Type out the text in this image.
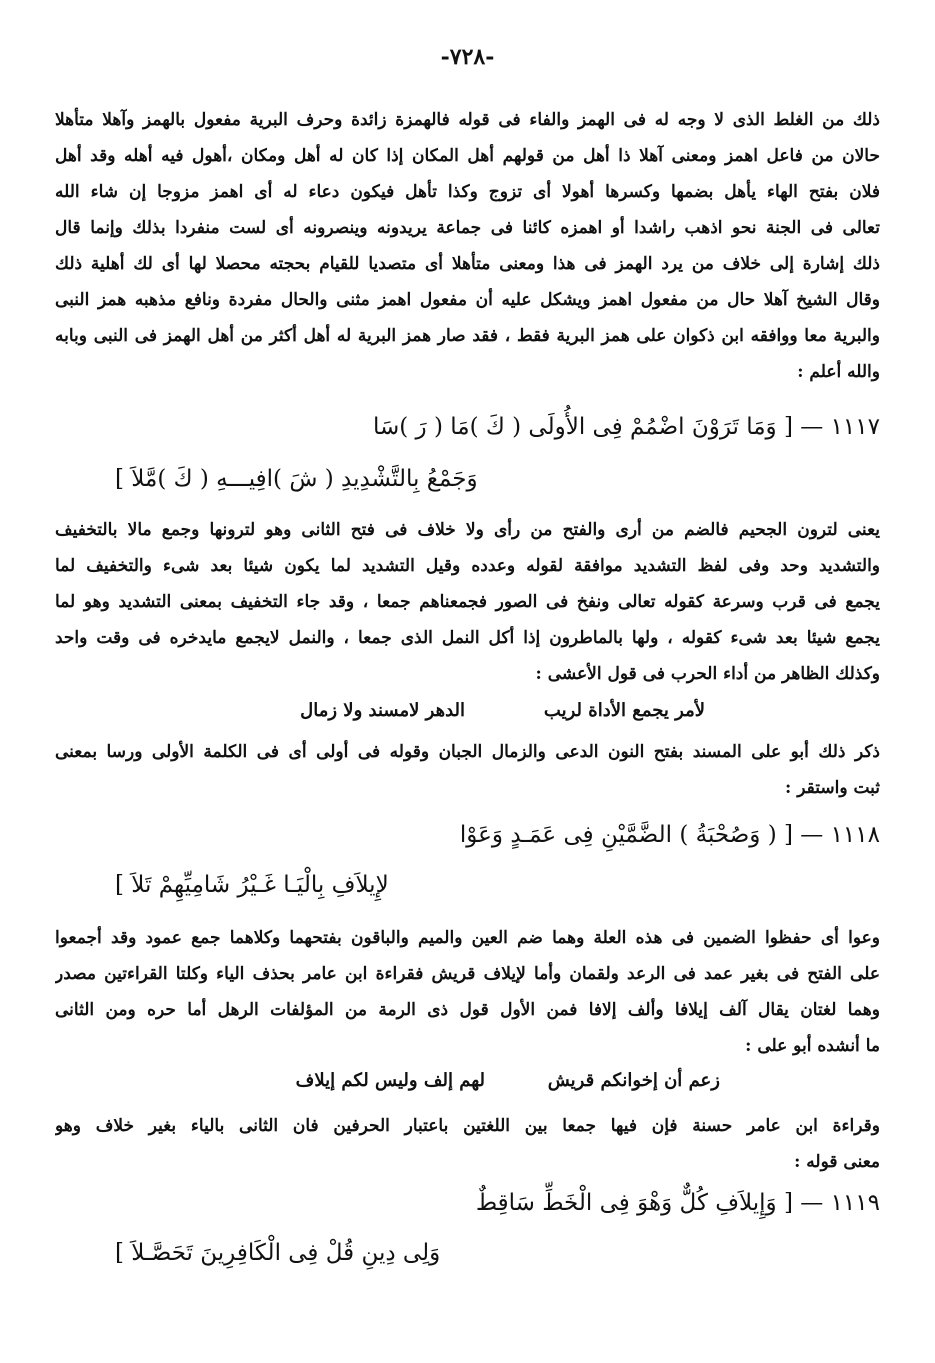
-٧٢٨-
ذلك من الغلط الذى لا وجه له فى الهمز والفاء فى قوله فالهمزة زائدة وحرف البرية مفعول بالهمز وآهلا متأهلا
حالان من فاعل اهمز ومعنى آهلا ذا أهل من قولهم أهل المكان إذا كان له أهل ومكان ،أهول فيه أهله وقد أهل
فلان بفتح الهاء يأهل بضمها وكسرها أهولا أى تزوج وكذا تأهل فيكون دعاء له أى اهمز مزوجا إن شاء الله
تعالى فى الجنة نحو اذهب راشدا أو اهمزه كائنا فى جماعة يريدونه وينصرونه أى لست منفردا بذلك وإنما قال
ذلك إشارة إلى خلاف من يرد الهمز فى هذا ومعنى متأهلا أى متصديا للقيام بحجته محصلا لها أى لك أهلية ذلك
وقال الشيخ آهلا حال من مفعول اهمز ويشكل عليه أن مفعول اهمز مثنى والحال مفردة ونافع مذهبه همز النبى
والبرية معا ووافقه ابن ذكوان على همز البرية فقط ، فقد صار همز البرية له أهل أكثر من أهل الهمز فى النبى وبابه
والله أعلم :
١١١٧ — [ وَمَا تَرَوْنَ اضْمُمْ فِى الأُولَى ( كَ )مَا ( رَ )سَا
وَجَمْعُ بِالتَّشْدِيدِ ( شَ )افِيـــهِ ( كَ )مَّلاَ ]
يعنى لترون الجحيم فالضم من أرى والفتح من رأى ولا خلاف فى فتح الثانى وهو لترونها وجمع مالا بالتخفيف
والتشديد وحد وفى لفظ التشديد موافقة لقوله وعدده وقيل التشديد لما يكون شيئا بعد شىء والتخفيف لما
يجمع فى قرب وسرعة كقوله تعالى ونفخ فى الصور فجمعناهم جمعا ، وقد جاء التخفيف بمعنى التشديد وهو لما
يجمع شيئا بعد شىء كقوله ، ولها بالماطرون إذا أكل النمل الذى جمعا ، والنمل لايجمع مايدخره فى وقت واحد
وكذلك الظاهر من أداء الحرب فى قول الأعشى :
لأمر يجمع الأداة لريب
الدهر لامسند ولا زمال
ذكر ذلك أبو على المسند بفتح النون الدعى والزمال الجبان وقوله فى أولى أى فى الكلمة الأولى ورسا بمعنى
ثبت واستقر :
١١١٨ — [ ( وَصُحْبَةُ ) الضَّمَّيْنِ فِى عَمَـدٍ وَعَوْا
لإِيلاَفِ بِالْيَـا غَـيْرُ شَامِيِّهِمْ تَلاَ ]
وعوا أى حفظوا الضمين فى هذه العلة وهما ضم العين والميم والباقون بفتحهما وكلاهما جمع عمود وقد أجمعوا
على الفتح فى بغير عمد فى الرعد ولقمان وأما لإيلاف قريش فقراءة ابن عامر بحذف الياء وكلتا القراءتين مصدر
وهما لغتان يقال آلف إيلافا وألف إلافا فمن الأول قول ذى الرمة من المؤلفات الرهل أما حره ومن الثانى
ما أنشده أبو على :
زعم أن إخوانكم قريش
لهم إلف وليس لكم إيلاف
وقراءة ابن عامر حسنة فإن فيها جمعا بين اللغتين باعتبار الحرفين فان الثانى بالياء بغير خلاف وهو
معنى قوله :
١١١٩ — [ وَإِيلاَفِ كُلٌّ وَهْوَ فِى الْخَطِّ سَاقِطٌ
وَلِى دِينِ قُلْ فِى الْكَافِرِينَ تَحَصَّـلاَ ]
